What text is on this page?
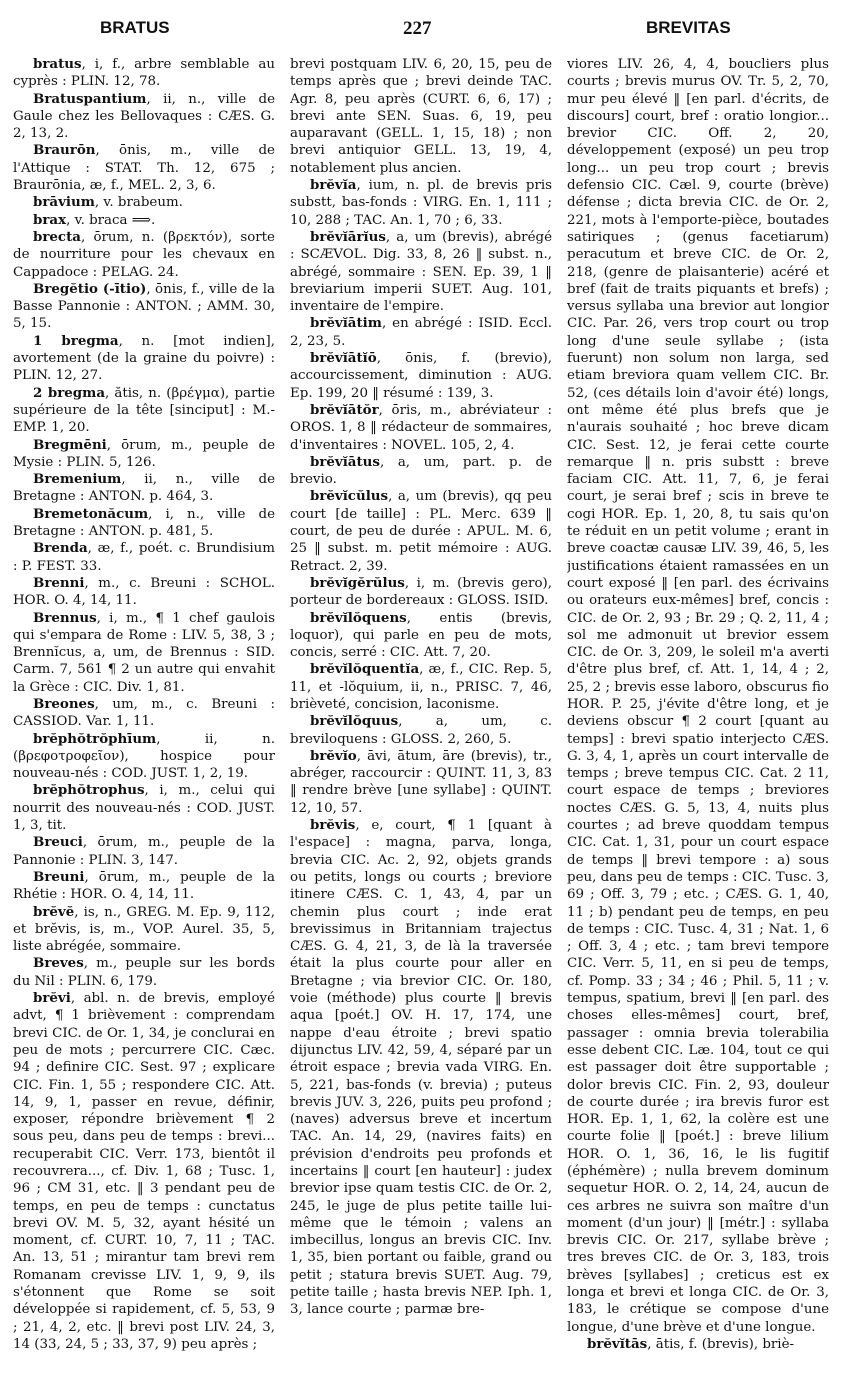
BRATUS	227	BREVITAS

bratus, i, f., arbre semblable au cyprès : PLIN. 12, 78.

Bratuspantium, ii, n., ville de Gaule chez les Bellovaques : CÆS. G. 2, 13, 2.

Braurōn, ōnis, m., ville de l'Attique : STAT. Th. 12, 675 ; Braurōnia, æ, f., MEL. 2, 3, 6.

brāvium, v. brabeum.

brax, v. braca ⟹.

brecta, ōrum, n. (βρεκτόν), sorte de nourriture pour les chevaux en Cappadoce : PELAG. 24.

Bregĕtio (-ītio), ōnis, f., ville de la Basse Pannonie : ANTON. ; AMM. 30, 5, 15.

1 bregma, n. [mot indien], avortement (de la graine du poivre) : PLIN. 12, 27.

2 bregma, ătis, n. (βρέγμα), partie supérieure de la tête [sinciput] : M.-EMP. 1, 20.

Bregmēni, ōrum, m., peuple de Mysie : PLIN. 5, 126.

Bremenium, ii, n., ville de Bretagne : ANTON. p. 464, 3.

Bremetonăcum, i, n., ville de Bretagne : ANTON. p. 481, 5.

Brenda, æ, f., poét. c. Brundisium : P. FEST. 33.

Brenni, m., c. Breuni : SCHOL. HOR. O. 4, 14, 11.

Brennus, i, m., ¶ 1 chef gaulois qui s'empara de Rome : LIV. 5, 38, 3 ; Brennĭcus, a, um, de Brennus : SID. Carm. 7, 561 ¶ 2 un autre qui envahit la Grèce : CIC. Div. 1, 81.

Breones, um, m., c. Breuni : CASSIOD. Var. 1, 11.

brĕphŏtrŏphīum, ii, n. (βρεφοτροφεῖον), hospice pour nouveau-nés : COD. JUST. 1, 2, 19.

brĕphŏtrophus, i, m., celui qui nourrit des nouveau-nés : COD. JUST. 1, 3, tit.

Breuci, ōrum, m., peuple de la Pannonie : PLIN. 3, 147.

Breuni, ōrum, m., peuple de la Rhétie : HOR. O. 4, 14, 11.

brĕvĕ, is, n., GREG. M. Ep. 9, 112, et brĕvis, is, m., VOP. Aurel. 35, 5, liste abrégée, sommaire.

Breves, m., peuple sur les bords du Nil : PLIN. 6, 179.

brĕvi, abl. n. de brevis, employé advt, ¶ 1 brièvement : comprendam brevi CIC. de Or. 1, 34, je conclurai en peu de mots ; percurrere CIC. Cæc. 94 ; definire CIC. Sest. 97 ; explicare CIC. Fin. 1, 55 ; respondere CIC. Att. 14, 9, 1, passer en revue, définir, exposer, répondre brièvement ¶ 2 sous peu, dans peu de temps : brevi... recuperabit CIC. Verr. 173, bientôt il recouvrera..., cf. Div. 1, 68 ; Tusc. 1, 96 ; CM 31, etc. ‖ 3 pendant peu de temps, en peu de temps : cunctatus brevi OV. M. 5, 32, ayant hésité un moment, cf. CURT. 10, 7, 11 ; TAC. An. 13, 51 ; mirantur tam brevi rem Romanam crevisse LIV. 1, 9, 9, ils s'étonnent que Rome se soit développée si rapidement, cf. 5, 53, 9 ; 21, 4, 2, etc. ‖ brevi post LIV. 24, 3, 14 (33, 24, 5 ; 33, 37, 9) peu après ;

brevi postquam LIV. 6, 20, 15, peu de temps après que ; brevi deinde TAC. Agr. 8, peu après (CURT. 6, 6, 17) ; brevi ante SEN. Suas. 6, 19, peu auparavant (GELL. 1, 15, 18) ; non brevi antiquior GELL. 13, 19, 4, notablement plus ancien.

brĕvĭa, ium, n. pl. de brevis pris substt, bas-fonds : VIRG. En. 1, 111 ; 10, 288 ; TAC. An. 1, 70 ; 6, 33.

brĕvĭārĭus, a, um (brevis), abrégé : SCÆVOL. Dig. 33, 8, 26 ‖ subst. n., abrégé, sommaire : SEN. Ep. 39, 1 ‖ breviarium imperii SUET. Aug. 101, inventaire de l'empire.

brĕvĭātim, en abrégé : ISID. Eccl. 2, 23, 5.

brĕvĭātĭō, ōnis, f. (brevio), accourcissement, diminution : AUG. Ep. 199, 20 ‖ résumé : 139, 3.

brĕvĭātŏr, ōris, m., abréviateur : OROS. 1, 8 ‖ rédacteur de sommaires, d'inventaires : NOVEL. 105, 2, 4.

brĕvĭātus, a, um, part. p. de brevio.

brĕvĭcŭlus, a, um (brevis), qq peu court [de taille] : PL. Merc. 639 ‖ court, de peu de durée : APUL. M. 6, 25 ‖ subst. m. petit mémoire : AUG. Retract. 2, 39.

brĕvĭgĕrŭlus, i, m. (brevis gero), porteur de bordereaux : GLOSS. ISID.

brĕvĭlŏquens, entis (brevis, loquor), qui parle en peu de mots, concis, serré : CIC. Att. 7, 20.

brĕvĭlŏquentĭa, æ, f., CIC. Rep. 5, 11, et -lŏquium, ii, n., PRISC. 7, 46, brièveté, concision, laconisme.

brĕvĭlŏquus, a, um, c. breviloquens : GLOSS. 2, 260, 5.

brĕvĭo, āvi, ātum, āre (brevis), tr., abréger, raccourcir : QUINT. 11, 3, 83 ‖ rendre brève [une syllabe] : QUINT. 12, 10, 57.

brĕvis, e, court, ¶ 1 [quant à l'espace] : magna, parva, longa, brevia CIC. Ac. 2, 92, objets grands ou petits, longs ou courts ; breviore itinere CÆS. C. 1, 43, 4, par un chemin plus court ; inde erat brevissimus in Britanniam trajectus CÆS. G. 4, 21, 3, de là la traversée était la plus courte pour aller en Bretagne ; via brevior CIC. Or. 180, voie (méthode) plus courte ‖ brevis aqua [poét.] OV. H. 17, 174, une nappe d'eau étroite ; brevi spatio dijunctus LIV. 42, 59, 4, séparé par un étroit espace ; brevia vada VIRG. En. 5, 221, bas-fonds (v. brevia) ; puteus brevis JUV. 3, 226, puits peu profond ; (naves) adversus breve et incertum TAC. An. 14, 29, (navires faits) en prévision d'endroits peu profonds et incertains ‖ court [en hauteur] : judex brevior ipse quam testis CIC. de Or. 2, 245, le juge de plus petite taille lui-même que le témoin ; valens an imbecillus, longus an brevis CIC. Inv. 1, 35, bien portant ou faible, grand ou petit ; statura brevis SUET. Aug. 79, petite taille ; hasta brevis NEP. Iph. 1, 3, lance courte ; parmæ bre-

viores LIV. 26, 4, 4, boucliers plus courts ; brevis murus OV. Tr. 5, 2, 70, mur peu élevé ‖ [en parl. d'écrits, de discours] court, bref : oratio longior... brevior CIC. Off. 2, 20, développement (exposé) un peu trop long... un peu trop court ; brevis defensio CIC. Cæl. 9, courte (brève) défense ; dicta brevia CIC. de Or. 2, 221, mots à l'emporte-pièce, boutades satiriques ; (genus facetiarum) peracutum et breve CIC. de Or. 2, 218, (genre de plaisanterie) acéré et bref (fait de traits piquants et brefs) ; versus syllaba una brevior aut longior CIC. Par. 26, vers trop court ou trop long d'une seule syllabe ; (ista fuerunt) non solum non larga, sed etiam breviora quam vellem CIC. Br. 52, (ces détails loin d'avoir été) longs, ont même été plus brefs que je n'aurais souhaité ; hoc breve dicam CIC. Sest. 12, je ferai cette courte remarque ‖ n. pris substt : breve faciam CIC. Att. 11, 7, 6, je ferai court, je serai bref ; scis in breve te cogi HOR. Ep. 1, 20, 8, tu sais qu'on te réduit en un petit volume ; erant in breve coactæ causæ LIV. 39, 46, 5, les justifications étaient ramassées en un court exposé ‖ [en parl. des écrivains ou orateurs eux-mêmes] bref, concis : CIC. de Or. 2, 93 ; Br. 29 ; Q. 2, 11, 4 ; sol me admonuit ut brevior essem CIC. de Or. 3, 209, le soleil m'a averti d'être plus bref, cf. Att. 1, 14, 4 ; 2, 25, 2 ; brevis esse laboro, obscurus fio HOR. P. 25, j'évite d'être long, et je deviens obscur ¶ 2 court [quant au temps] : brevi spatio interjecto CÆS. G. 3, 4, 1, après un court intervalle de temps ; breve tempus CIC. Cat. 2 11, court espace de temps ; breviores noctes CÆS. G. 5, 13, 4, nuits plus courtes ; ad breve quoddam tempus CIC. Cat. 1, 31, pour un court espace de temps ‖ brevi tempore : a) sous peu, dans peu de temps : CIC. Tusc. 3, 69 ; Off. 3, 79 ; etc. ; CÆS. G. 1, 40, 11 ; b) pendant peu de temps, en peu de temps : CIC. Tusc. 4, 31 ; Nat. 1, 6 ; Off. 3, 4 ; etc. ; tam brevi tempore CIC. Verr. 5, 11, en si peu de temps, cf. Pomp. 33 ; 34 ; 46 ; Phil. 5, 11 ; v. tempus, spatium, brevi ‖ [en parl. des choses elles-mêmes] court, bref, passager : omnia brevia tolerabilia esse debent CIC. Læ. 104, tout ce qui est passager doit être supportable ; dolor brevis CIC. Fin. 2, 93, douleur de courte durée ; ira brevis furor est HOR. Ep. 1, 1, 62, la colère est une courte folie ‖ [poét.] : breve lilium HOR. O. 1, 36, 16, le lis fugitif (éphémère) ; nulla brevem dominum sequetur HOR. O. 2, 14, 24, aucun de ces arbres ne suivra son maître d'un moment (d'un jour) ‖ [métr.] : syllaba brevis CIC. Or. 217, syllabe brève ; tres breves CIC. de Or. 3, 183, trois brèves [syllabes] ; creticus est ex longa et brevi et longa CIC. de Or. 3, 183, le crétique se compose d'une longue, d'une brève et d'une longue.

brĕvĭtās, ātis, f. (brevis), briè-
